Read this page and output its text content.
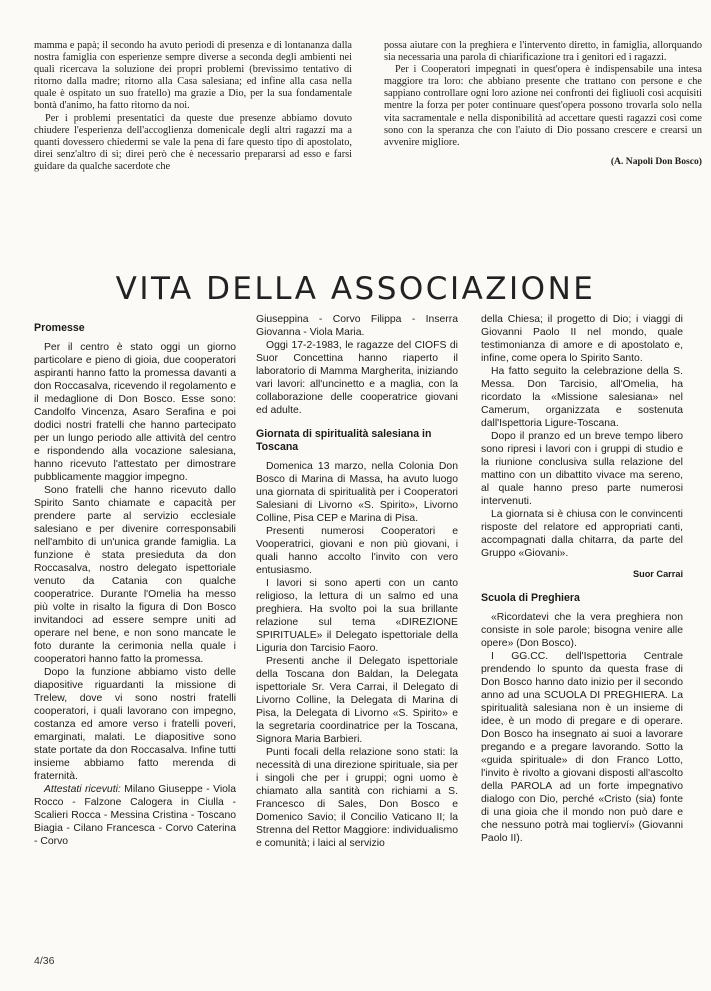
mamma e papà; il secondo ha avuto periodi di presenza e di lontananza dalla nostra famiglia con esperienze sempre diverse a seconda degli ambienti nei quali ricercava la soluzione dei propri problemi (brevissimo tentativo di ritorno dalla madre; ritorno alla Casa salesiana; ed infine alla casa nella quale è ospitato un suo fratello) ma grazie a Dio, per la sua fondamentale bontà d'animo, ha fatto ritorno da noi.

Per i problemi presentatici da queste due presenze abbiamo dovuto chiudere l'esperienza dell'accoglienza domenicale degli altri ragazzi ma a quanti dovessero chiedermi se vale la pena di fare questo tipo di apostolato, direi senz'altro di sì; direi però che è necessario prepararsi ad esso e farsi guidare da qualche sacerdote che

possa aiutare con la preghiera e l'intervento diretto, in famiglia, allorquando sia necessaria una parola di chiarificazione tra i genitori ed i ragazzi.

Per i Cooperatori impegnati in quest'opera è indispensabile una intesa maggiore tra loro: che abbiano presente che trattano con persone e che sappiano controllare ogni loro azione nei confronti dei figliuoli così acquisiti mentre la forza per poter continuare quest'opera possono trovarla solo nella vita sacramentale e nella disponibilità ad accettare questi ragazzi così come sono con la speranza che con l'aiuto di Dio possano crescere e crearsi un avvenire migliore.

(A. Napoli Don Bosco)
VITA DELLA ASSOCIAZIONE
Promesse

Per il centro è stato oggi un giorno particolare e pieno di gioia, due cooperatori aspiranti hanno fatto la promessa davanti a don Roccasalva, ricevendo il regolamento e il medaglione di Don Bosco. Esse sono: Candolfo Vincenza, Asaro Serafina e poi dodici nostri fratelli che hanno partecipato per un lungo periodo alle attività del centro e rispondendo alla vocazione salesiana, hanno ricevuto l'attestato per dimostrare pubblicamente maggior impegno.

Sono fratelli che hanno ricevuto dallo Spirito Santo chiamate e capacità per prendere parte al servizio ecclesiale salesiano e per divenire corresponsabili nell'ambito di un'unica grande famiglia. La funzione è stata presieduta da don Roccasalva, nostro delegato ispettoriale venuto da Catania con qualche cooperatrice. Durante l'Omelia ha messo più volte in risalto la figura di Don Bosco invitandoci ad essere sempre uniti ad operare nel bene, e non sono mancate le foto durante la cerimonia nella quale i cooperatori hanno fatto la promessa.

Dopo la funzione abbiamo visto delle diapositive riguardanti la missione di Trelew, dove vi sono nostri fratelli cooperatori, i quali lavorano con impegno, costanza ed amore verso i fratelli poveri, emarginati, malati. Le diapositive sono state portate da don Roccasalva. Infine tutti insieme abbiamo fatto merenda di fraternità.

Attestati ricevuti: Milano Giuseppe - Viola Rocco - Falzone Calogera in Ciulla - Scalieri Rocca - Messina Cristina - Toscano Biagia - Cilano Francesca - Corvo Caterina - Corvo

Giuseppina - Corvo Filippa - Inserra Giovanna - Viola Maria.

Oggi 17-2-1983, le ragazze del CIOFS di Suor Concettina hanno riaperto il laboratorio di Mamma Margherita, iniziando vari lavori: all'uncinetto e a maglia, con la collaborazione delle cooperatrice giovani ed adulte.

Giornata di spiritualità salesiana in Toscana

Domenica 13 marzo, nella Colonia Don Bosco di Marina di Massa, ha avuto luogo una giornata di spiritualità per i Cooperatori Salesiani di Livorno «S. Spirito», Livorno Colline, Pisa CEP e Marina di Pisa.

Presenti numerosi Cooperatori e Vooperatrici, giovani e non più giovani, i quali hanno accolto l'invito con vero entusiasmo.

I lavori si sono aperti con un canto religioso, la lettura di un salmo ed una preghiera. Ha svolto poi la sua brillante relazione sul tema «DIREZIONE SPIRITUALE» il Delegato ispettoriale della Liguria don Tarcisio Faoro.

Presenti anche il Delegato ispettoriale della Toscana don Baldan, la Delegata ispettoriale Sr. Vera Carrai, il Delegato di Livorno Colline, la Delegata di Marina di Pisa, la Delegata di Livorno «S. Spirito» e la segretaria coordinatrice per la Toscana, Signora Maria Barbieri.

Punti focali della relazione sono stati: la necessità di una direzione spirituale, sia per i singoli che per i gruppi; ogni uomo è chiamato alla santità con richiami a S. Francesco di Sales, Don Bosco e Domenico Savio; il Concilio Vaticano II; la Strenna del Rettor Maggiore: individualismo e comunità; i laici al servizio

della Chiesa; il progetto di Dio; i viaggi di Giovanni Paolo II nel mondo, quale testimonianza di amore e di apostolato e, infine, come opera lo Spirito Santo.

Ha fatto seguito la celebrazione della S. Messa. Don Tarcisio, all'Omelia, ha ricordato la «Missione salesiana» nel Camerum, organizzata e sostenuta dall'Ispettoria Ligure-Toscana.

Dopo il pranzo ed un breve tempo libero sono ripresi i lavori con i gruppi di studio e la riunione conclusiva sulla relazione del mattino con un dibattito vivace ma sereno, al quale hanno preso parte numerosi intervenuti.

La giornata si è chiusa con le convincenti risposte del relatore ed appropriati canti, accompagnati dalla chitarra, da parte del Gruppo «Giovani».

Suor Carrai

Scuola di Preghiera

«Ricordatevi che la vera preghiera non consiste in sole parole; bisogna venire alle opere» (Don Bosco).

I GG.CC. dell'Ispettoria Centrale prendendo lo spunto da questa frase di Don Bosco hanno dato inizio per il secondo anno ad una SCUOLA DI PREGHIERA. La spiritualità salesiana non è un insieme di idee, è un modo di pregare e di operare. Don Bosco ha insegnato ai suoi a lavorare pregando e a pregare lavorando. Sotto la «guida spirituale» di don Franco Lotto, l'invito è rivolto a giovani disposti all'ascolto della PAROLA ad un forte impegnativo dialogo con Dio, perché «Cristo (sia) fonte di una gioia che il mondo non può dare e che nessuno potrà mai toglierví» (Giovanni Paolo II).

4/36
